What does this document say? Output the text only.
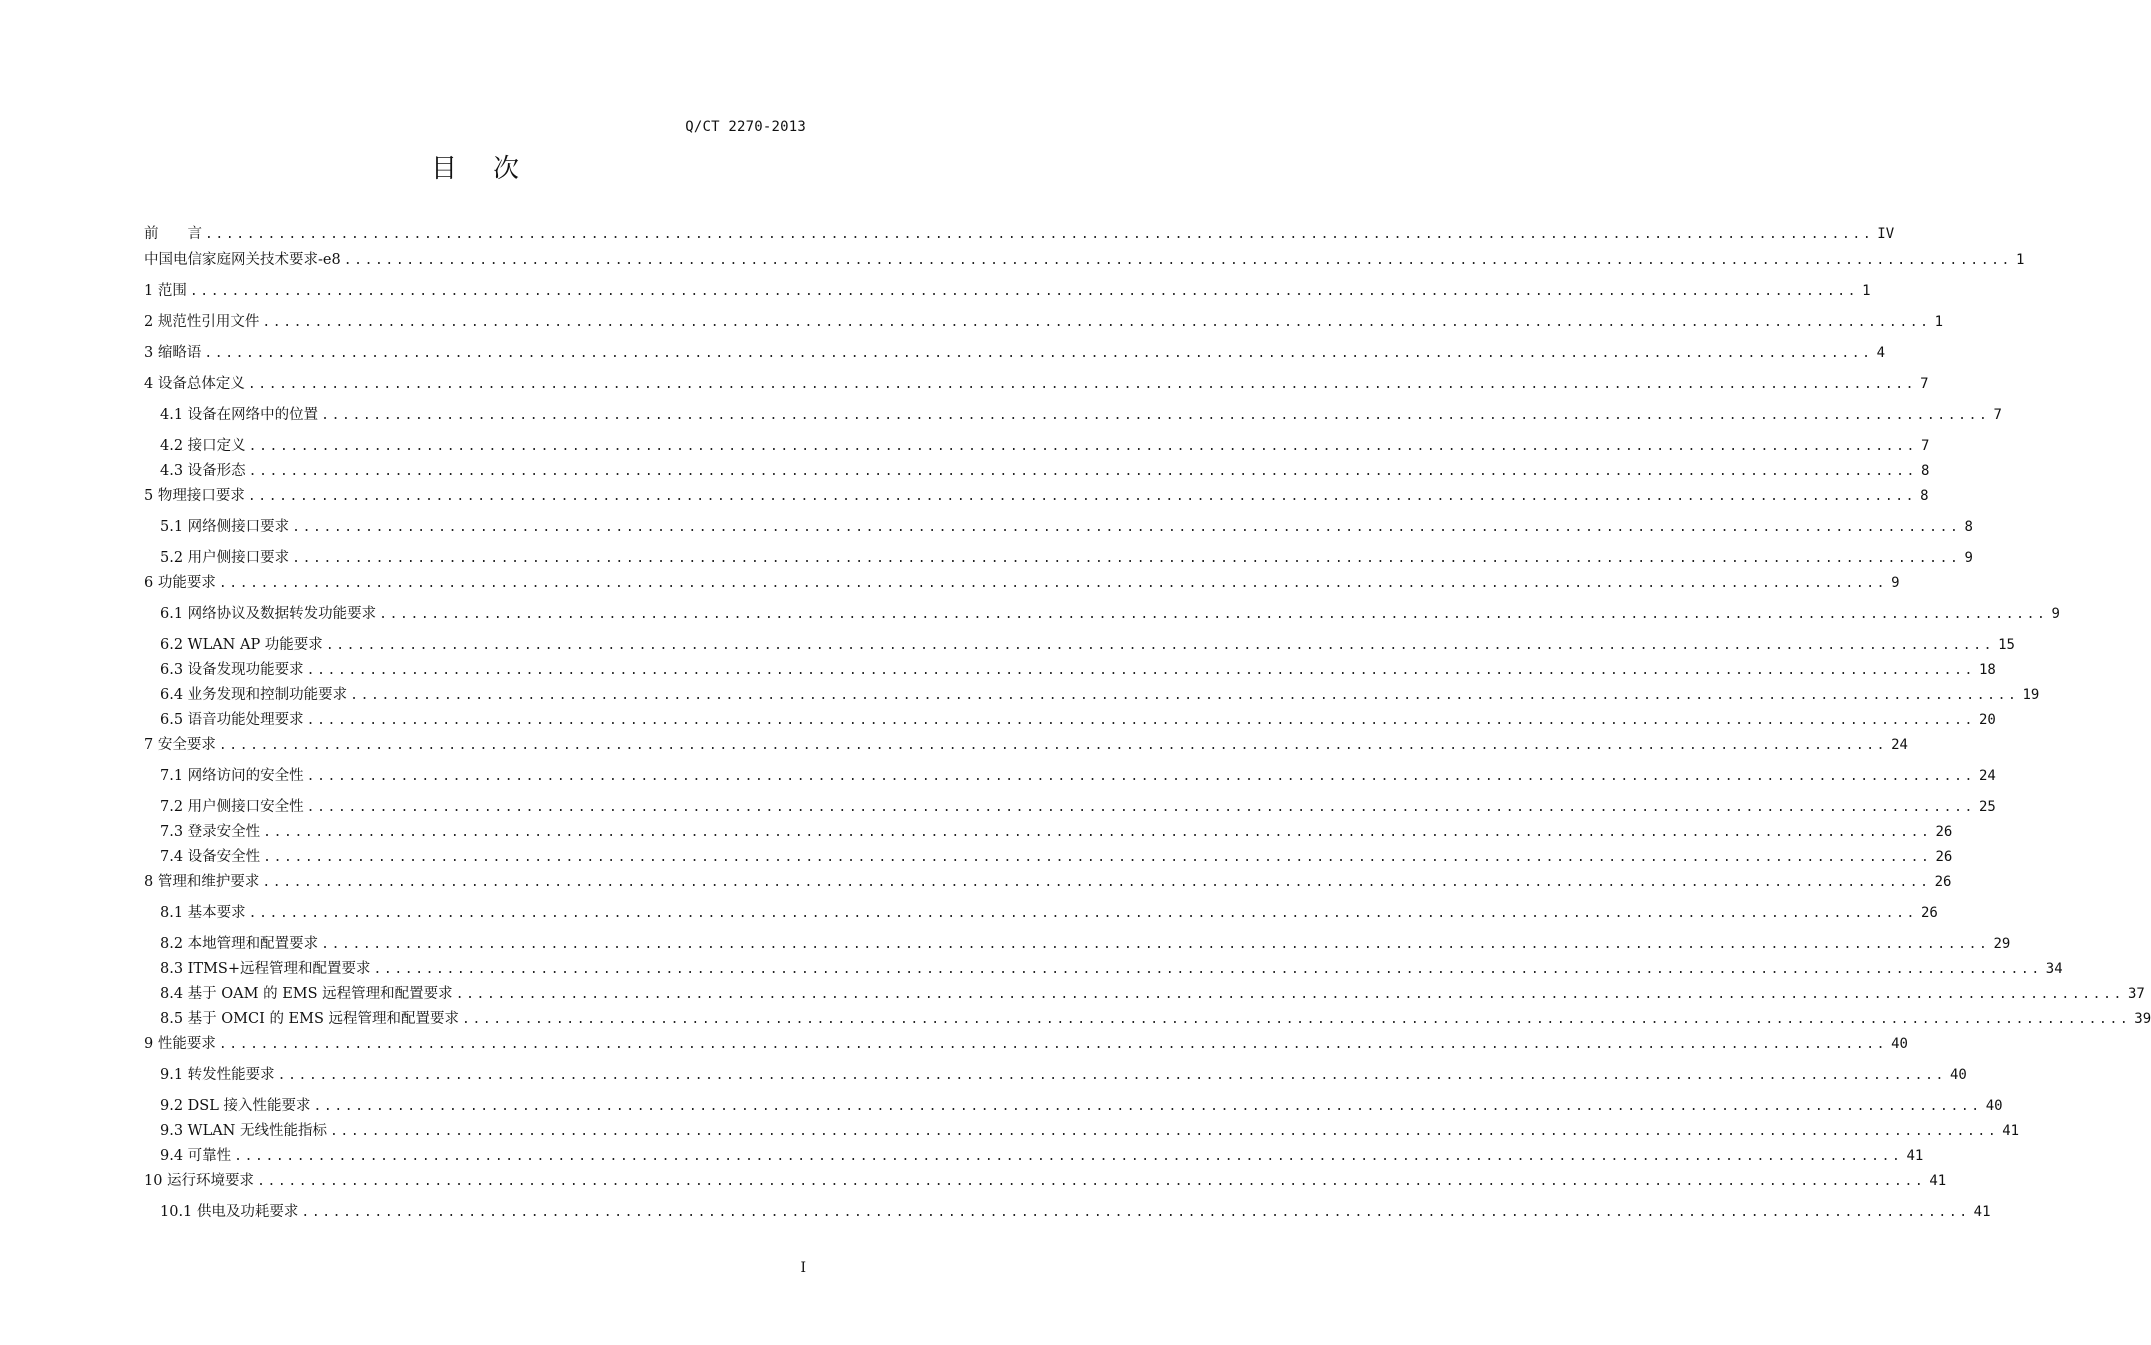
Q/CT 2270-2013
目次
前　　言 ................................................................................................................................................................ IV
中国电信家庭网关技术要求-e8 ................................................................................................................................................................ 1
1 范围 ................................................................................................................................................................ 1
2 规范性引用文件 ................................................................................................................................................................ 1
3 缩略语 ................................................................................................................................................................ 4
4 设备总体定义 ................................................................................................................................................................ 7
4.1 设备在网络中的位置 ................................................................................................................................................................ 7
4.2 接口定义 ................................................................................................................................................................ 7
4.3 设备形态 ................................................................................................................................................................ 8
5 物理接口要求 ................................................................................................................................................................ 8
5.1 网络侧接口要求 ................................................................................................................................................................ 8
5.2 用户侧接口要求 ................................................................................................................................................................ 9
6 功能要求 ................................................................................................................................................................ 9
6.1 网络协议及数据转发功能要求 ................................................................................................................................................................ 9
6.2 WLAN AP 功能要求 ................................................................................................................................................................ 15
6.3 设备发现功能要求 ................................................................................................................................................................ 18
6.4 业务发现和控制功能要求 ................................................................................................................................................................ 19
6.5 语音功能处理要求 ................................................................................................................................................................ 20
7 安全要求 ................................................................................................................................................................ 24
7.1 网络访问的安全性 ................................................................................................................................................................ 24
7.2 用户侧接口安全性 ................................................................................................................................................................ 25
7.3 登录安全性 ................................................................................................................................................................ 26
7.4 设备安全性 ................................................................................................................................................................ 26
8 管理和维护要求 ................................................................................................................................................................ 26
8.1 基本要求 ................................................................................................................................................................ 26
8.2 本地管理和配置要求 ................................................................................................................................................................ 29
8.3 ITMS+远程管理和配置要求 ................................................................................................................................................................ 34
8.4 基于 OAM 的 EMS 远程管理和配置要求 ................................................................................................................................................................ 37
8.5 基于 OMCI 的 EMS 远程管理和配置要求 ................................................................................................................................................................ 39
9 性能要求 ................................................................................................................................................................ 40
9.1 转发性能要求 ................................................................................................................................................................ 40
9.2 DSL 接入性能要求 ................................................................................................................................................................ 40
9.3 WLAN 无线性能指标 ................................................................................................................................................................ 41
9.4 可靠性 ................................................................................................................................................................ 41
10 运行环境要求 ................................................................................................................................................................ 41
10.1 供电及功耗要求 ................................................................................................................................................................ 41
I
